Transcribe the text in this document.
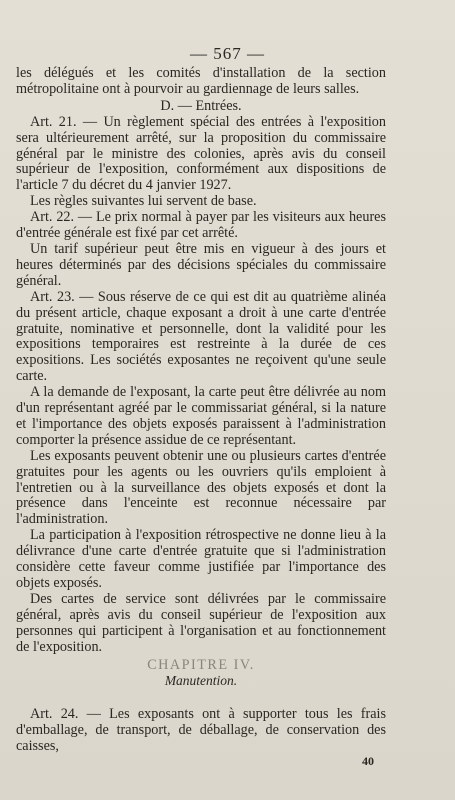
— 567 —

les délégués et les comités d'installation de la section métropolitaine ont à pourvoir au gardiennage de leurs salles.

D. — Entrées.

Art. 21. — Un règlement spécial des entrées à l'exposition sera ultérieurement arrêté, sur la proposition du commissaire général par le ministre des colonies, après avis du conseil supérieur de l'exposition, conformément aux dispositions de l'article 7 du décret du 4 janvier 1927.

Les règles suivantes lui servent de base.

Art. 22. — Le prix normal à payer par les visiteurs aux heures d'entrée générale est fixé par cet arrêté.

Un tarif supérieur peut être mis en vigueur à des jours et heures déterminés par des décisions spéciales du commissaire général.

Art. 23. — Sous réserve de ce qui est dit au quatrième alinéa du présent article, chaque exposant a droit à une carte d'entrée gratuite, nominative et personnelle, dont la validité pour les expositions temporaires est restreinte à la durée de ces expositions. Les sociétés exposantes ne reçoivent qu'une seule carte.

A la demande de l'exposant, la carte peut être délivrée au nom d'un représentant agréé par le commissariat général, si la nature et l'importance des objets exposés paraissent à l'administration comporter la présence assidue de ce représentant.

Les exposants peuvent obtenir une ou plusieurs cartes d'entrée gratuites pour les agents ou les ouvriers qu'ils emploient à l'entretien ou à la surveillance des objets exposés et dont la présence dans l'enceinte est reconnue nécessaire par l'administration.

La participation à l'exposition rétrospective ne donne lieu à la délivrance d'une carte d'entrée gratuite que si l'administration considère cette faveur comme justifiée par l'importance des objets exposés.

Des cartes de service sont délivrées par le commissaire général, après avis du conseil supérieur de l'exposition aux personnes qui participent à l'organisation et au fonctionnement de l'exposition.

CHAPITRE IV.

Manutention.

Art. 24. — Les exposants ont à supporter tous les frais d'emballage, de transport, de déballage, de conservation des caisses,

40
